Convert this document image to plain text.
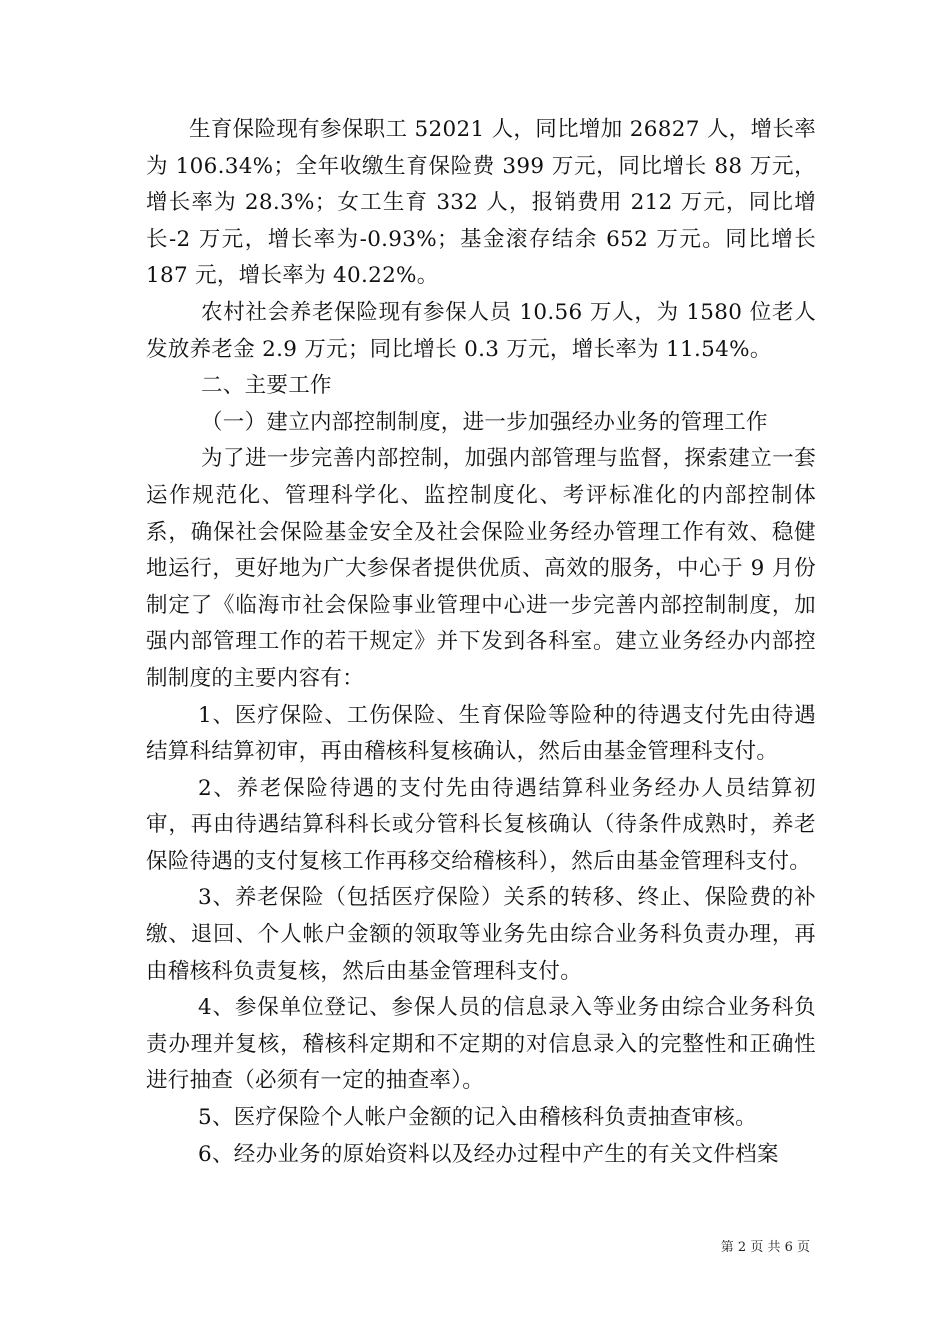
生育保险现有参保职工 52021 人，同比增加 26827 人，增长率为 106.34%；全年收缴生育保险费 399 万元，同比增长 88 万元，增长率为 28.3%；女工生育 332 人，报销费用 212 万元，同比增长-2 万元，增长率为-0.93%；基金滚存结余 652 万元。同比增长 187 元，增长率为 40.22%。

农村社会养老保险现有参保人员 10.56 万人，为 1580 位老人发放养老金 2.9 万元；同比增长 0.3 万元，增长率为 11.54%。

二、主要工作

（一）建立内部控制制度，进一步加强经办业务的管理工作

为了进一步完善内部控制，加强内部管理与监督，探索建立一套运作规范化、管理科学化、监控制度化、考评标准化的内部控制体系，确保社会保险基金安全及社会保险业务经办管理工作有效、稳健地运行，更好地为广大参保者提供优质、高效的服务，中心于 9 月份制定了《临海市社会保险事业管理中心进一步完善内部控制制度，加强内部管理工作的若干规定》并下发到各科室。建立业务经办内部控制制度的主要内容有：

1、医疗保险、工伤保险、生育保险等险种的待遇支付先由待遇结算科结算初审，再由稽核科复核确认，然后由基金管理科支付。

2、养老保险待遇的支付先由待遇结算科业务经办人员结算初审，再由待遇结算科科长或分管科长复核确认（待条件成熟时，养老保险待遇的支付复核工作再移交给稽核科），然后由基金管理科支付。

3、养老保险（包括医疗保险）关系的转移、终止、保险费的补缴、退回、个人帐户金额的领取等业务先由综合业务科负责办理，再由稽核科负责复核，然后由基金管理科支付。

4、参保单位登记、参保人员的信息录入等业务由综合业务科负责办理并复核，稽核科定期和不定期的对信息录入的完整性和正确性进行抽查（必须有一定的抽查率）。

5、医疗保险个人帐户金额的记入由稽核科负责抽查审核。

6、经办业务的原始资料以及经办过程中产生的有关文件档案

第 2 页 共 6 页
